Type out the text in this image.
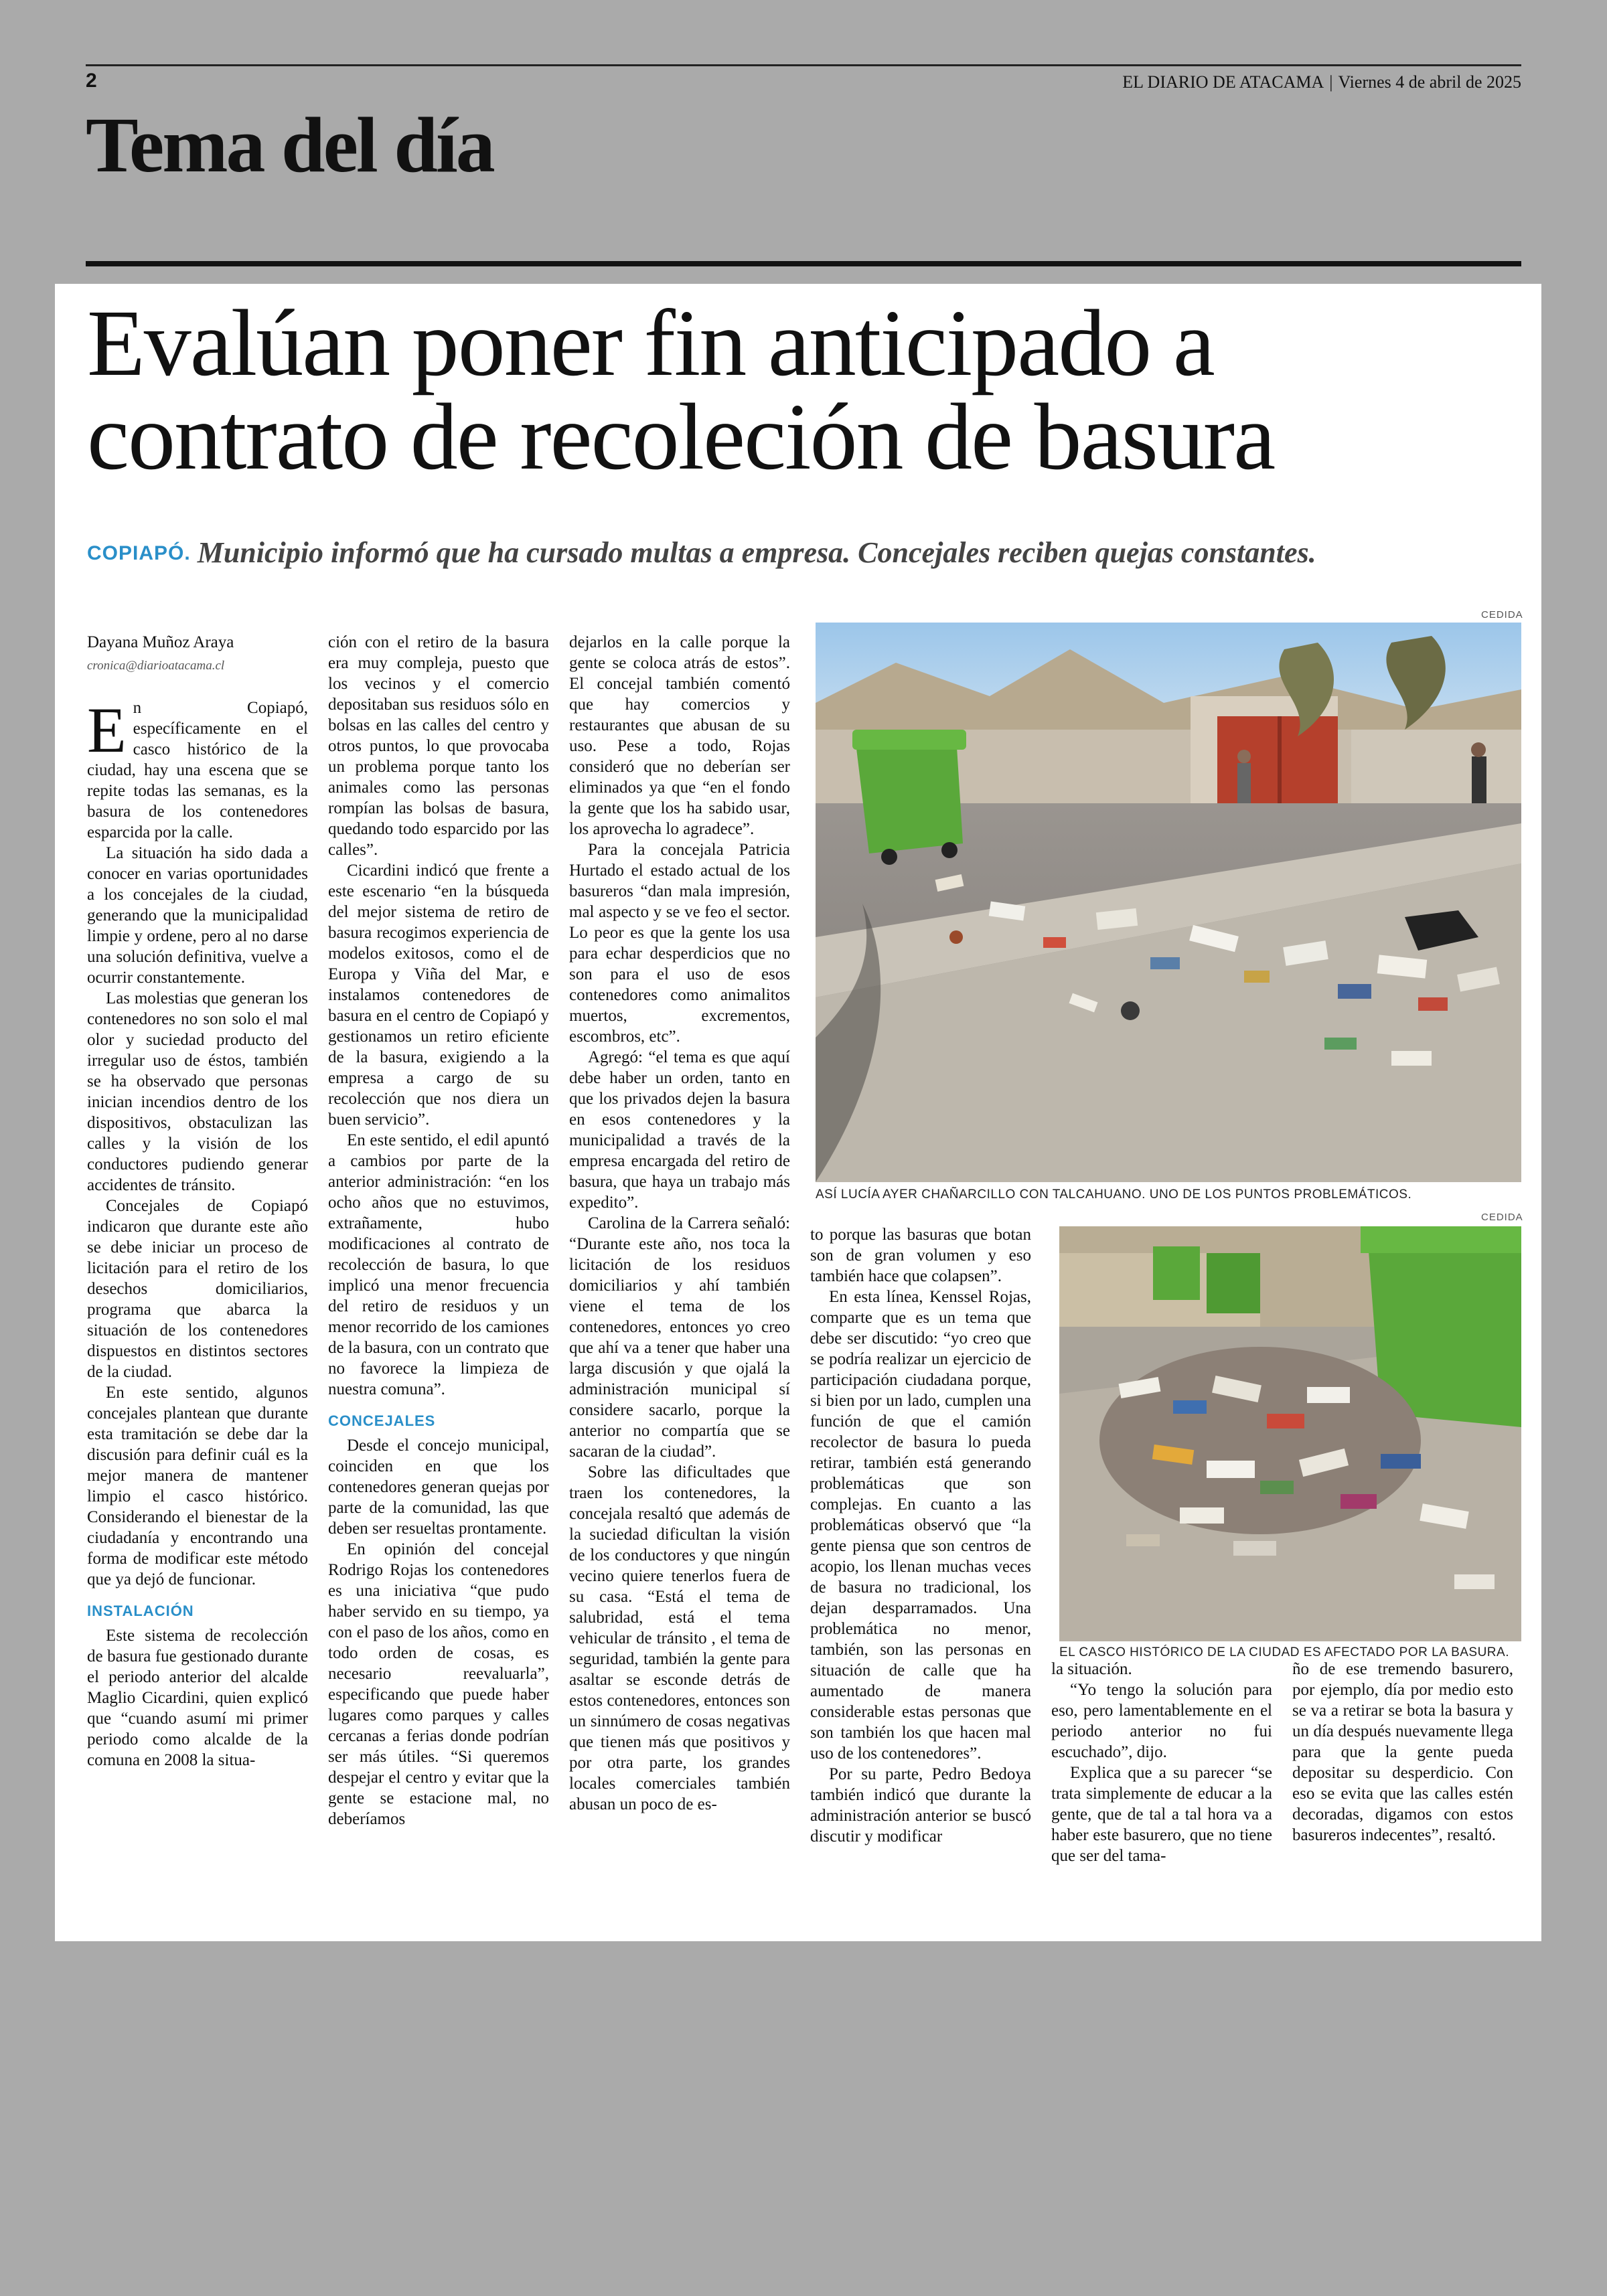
2	EL DIARIO DE ATACAMA | Viernes 4 de abril de 2025
Tema del día
Evalúan poner fin anticipado a
contrato de recoleción de basura
COPIAPÓ. Municipio informó que ha cursado multas a empresa. Concejales reciben quejas constantes.

Dayana Muñoz Araya

cronica@diarioatacama.cl

En Copiapó, específicamente en el casco histórico de la ciudad, hay una escena que se repite todas las semanas, es la basura de los contenedores esparcida por la calle.

La situación ha sido dada a conocer en varias oportunidades a los concejales de la ciudad, generando que la municipalidad limpie y ordene, pero al no darse una solución definitiva, vuelve a ocurrir constantemente.

Las molestias que generan los contenedores no son solo el mal olor y suciedad producto del irregular uso de éstos, también se ha observado que personas inician incendios dentro de los dispositivos, obstaculizan las calles y la visión de los conductores pudiendo generar accidentes de tránsito.

Concejales de Copiapó indicaron que durante este año se debe iniciar un proceso de licitación para el retiro de los desechos domiciliarios, programa que abarca la situación de los contenedores dispuestos en distintos sectores de la ciudad.

En este sentido, algunos concejales plantean que durante esta tramitación se debe dar la discusión para definir cuál es la mejor manera de mantener limpio el casco histórico. Considerando el bienestar de la ciudadanía y encontrando una forma de modificar este método que ya dejó de funcionar.

INSTALACIÓN

Este sistema de recolección de basura fue gestionado durante el periodo anterior del alcalde Maglio Cicardini, quien explicó que “cuando asumí mi primer periodo como alcalde de la comuna en 2008 la situa-

ción con el retiro de la basura era muy compleja, puesto que los vecinos y el comercio depositaban sus residuos sólo en bolsas en las calles del centro y otros puntos, lo que provocaba un problema porque tanto los animales como las personas rompían las bolsas de basura, quedando todo esparcido por las calles”.

Cicardini indicó que frente a este escenario “en la búsqueda del mejor sistema de retiro de basura recogimos experiencia de modelos exitosos, como el de Europa y Viña del Mar, e instalamos contenedores de basura en el centro de Copiapó y gestionamos un retiro eficiente de la basura, exigiendo a la empresa a cargo de su recolección que nos diera un buen servicio”.

En este sentido, el edil apuntó a cambios por parte de la anterior administración: “en los ocho años que no estuvimos, extrañamente, hubo modificaciones al contrato de recolección de basura, lo que implicó una menor frecuencia del retiro de residuos y un menor recorrido de los camiones de la basura, con un contrato que no favorece la limpieza de nuestra comuna”.

CONCEJALES

Desde el concejo municipal, coinciden en que los contenedores generan quejas por parte de la comunidad, las que deben ser resueltas prontamente.

En opinión del concejal Rodrigo Rojas los contenedores es una iniciativa “que pudo haber servido en su tiempo, ya con el paso de los años, como en todo orden de cosas, es necesario reevaluarla”, especificando que puede haber lugares como parques y calles cercanas a ferias donde podrían ser más útiles. “Si queremos despejar el centro y evitar que la gente se estacione mal, no deberíamos

dejarlos en la calle porque la gente se coloca atrás de estos”. El concejal también comentó que hay comercios y restaurantes que abusan de su uso. Pese a todo, Rojas consideró que no deberían ser eliminados ya que “en el fondo la gente que los ha sabido usar, los aprovecha lo agradece”.

Para la concejala Patricia Hurtado el estado actual de los basureros “dan mala impresión, mal aspecto y se ve feo el sector. Lo peor es que la gente los usa para echar desperdicios que no son para el uso de esos contenedores como animalitos muertos, excrementos, escombros, etc”.

Agregó: “el tema es que aquí debe haber un orden, tanto en que los privados dejen la basura en esos contenedores y la municipalidad a través de la empresa encargada del retiro de basura, que haya un trabajo más expedito”.

Carolina de la Carrera señaló: “Durante este año, nos toca la licitación de los residuos domiciliarios y ahí también viene el tema de los contenedores, entonces yo creo que ahí va a tener que haber una larga discusión y que ojalá la administración municipal sí considere sacarlo, porque la anterior no compartía que se sacaran de la ciudad”.

Sobre las dificultades que traen los contenedores, la concejala resaltó que además de la suciedad dificultan la visión de los conductores y que ningún vecino quiere tenerlos fuera de su casa. “Está el tema de salubridad, está el tema vehicular de tránsito , el tema de seguridad, también la gente para asaltar se esconde detrás de estos contenedores, entonces son un sinnúmero de cosas negativas que tienen más que positivos y por otra parte, los grandes locales comerciales también abusan un poco de es-

CEDIDA
ASÍ LUCÍA AYER CHAÑARCILLO CON TALCAHUANO. UNO DE LOS PUNTOS PROBLEMÁTICOS.
CEDIDA
EL CASCO HISTÓRICO DE LA CIUDAD ES AFECTADO POR LA BASURA.

to porque las basuras que botan son de gran volumen y eso también hace que colapsen”.

En esta línea, Kenssel Rojas, comparte que es un tema que debe ser discutido: “yo creo que se podría realizar un ejercicio de participación ciudadana porque, si bien por un lado, cumplen una función de que el camión recolector de basura lo pueda retirar, también está generando problemáticas que son complejas. En cuanto a las problemáticas observó que “la gente piensa que son centros de acopio, los llenan muchas veces de basura no tradicional, los dejan desparramados. Una problemática no menor, también, son las personas en situación de calle que ha aumentado de manera considerable estas personas que son también los que hacen mal uso de los contenedores”.

Por su parte, Pedro Bedoya también indicó que durante la administración anterior se buscó discutir y modificar

la situación.

“Yo tengo la solución para eso, pero lamentablemente en el periodo anterior no fui escuchado”, dijo.

Explica que a su parecer “se trata simplemente de educar a la gente, que de tal a tal hora va a haber este basurero, que no tiene que ser del tama-

ño de ese tremendo basurero, por ejemplo, día por medio esto se va a retirar se bota la basura y un día después nuevamente llega para que la gente pueda depositar su desperdicio. Con eso se evita que las calles estén decoradas, digamos con estos basureros indecentes”, resaltó.
